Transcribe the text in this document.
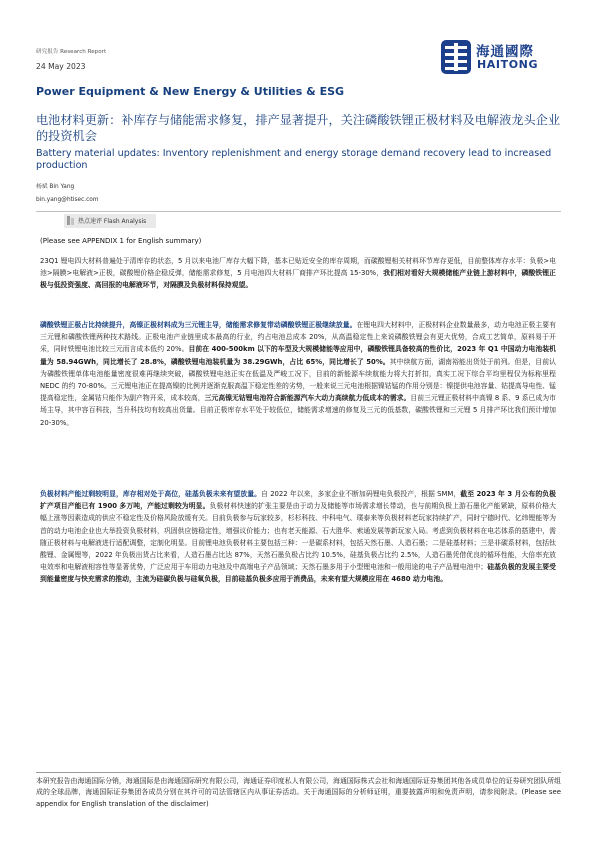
研究报告 Research Report
24 May 2023
海通國際
HAITONG
Power Equipment & New Energy & Utilities & ESG
电池材料更新：补库存与储能需求修复，排产显著提升，关注磷酸铁锂正极材料及电解液龙头企业的投资机会
Battery material updates: Inventory replenishment and energy storage demand recovery lead to increased production
杨斌 Bin Yang
bin.yang@htisec.com
热点速评 Flash Analysis
(Please see APPENDIX 1 for English summary)
23Q1 锂电四大材料普遍处于清库存的状态，5 月以来电池厂库存大幅下降，基本已贴近安全的库存周期，而碳酸锂相关材料环节库存更低，目前整体库存水平：负极>电池>隔膜>电解液>正极，碳酸锂价格企稳反弹，储能需求修复，5 月电池四大材料厂商排产环比提高 15-30%，我们相对看好大规模储能产业链上游材料中，磷酸铁锂正极与低投资强度、高回报的电解液环节，对隔膜及负极材料保持观望。
磷酸铁锂正极占比持续提升，高镍正极材料成为三元锂主导，储能需求修复带动磷酸铁锂正极继续放量。在锂电四大材料中，正极材料企业数量最多，动力电池正极主要有三元锂和磷酸铁锂两种技术路线。正极电池产业链里成本最高的行业，约占电池总成本 20%，从高温稳定性上来说磷酸铁锂会有更大优势，合成工艺简单，原料易于开采，同时铁锂电池比较三元而言成本低约 20%。目前在 400-500km 以下的车型及大规模储能等应用中，磷酸铁锂具备较高的性价比，2023 年 Q1 中国动力电池装机量为 58.94GWh，同比增长了 28.8%，磷酸铁锂电池装机量为 38.29GWh，占比 65%，同比增长了 50%。其中续航方面，湖南裕能出货处于前列。但是，目前认为磷酸铁锂单体电池能量密度很难再继续突破，磷酸铁锂电池正实在低温及严峻工况下，目前的新能源车续航能力将大打折扣，真实工况下综合平均里程仅为标称里程 NEDC 的约 70-80%。三元锂电池正在提高镍的比例并逐渐克服高温下稳定性差的劣势，一般来说三元电池根据镍钴锰的作用分别是：镍提供电池容量、钴提高导电性、锰提高稳定性，金属钴只能作为副产物开采，成本较高，三元高镍无钴锂电池符合新能源汽车大动力高续航力低成本的需求。目前三元锂正极材料中高镍 8 系、9 系已成为市场主导，其中容百科技，当升科技均有较高出货量。目前正极库存水平处于较低位，储能需求增速的修复及三元的低基数，碳酸铁锂和三元锂 5 月排产环比我们预计增加 20-30%。
负极材料产能过剩较明显，库存相对处于高位，硅基负极未来有望放量。自 2022 年以来，多家企业不断加码锂电负极投产，根据 SMM，截至 2023 年 3 月公布的负极扩产项目产能已有 1900 多万吨，产能过剩较为明显。负极材料快速的扩张主要是由于动力及储能等市场需求增长带动，也与前期负极上游石墨化产能紧缺，原料价格大幅上涨等因素造成的供应不稳定性及价格风险放缓有关。目前负极参与玩家较多，杉杉科技、中科电气、璞泰来等负极材料老玩家持续扩产，同时宁德时代、亿纬锂能等为首的动力电池企业也大举投资负极材料，巩固供应链稳定性，增强议价能力；也有老天能源、石大胜华、索通发展等新玩家入局。考虑到负极材料在电芯体系的搭建中，需随正极材料与电解液进行适配调整，定制化明显。目前锂电池负极材料主要包括三种：一是碳系材料，包括天然石墨、人造石墨；二是硅基材料；三是非碳系材料，包括钛酸锂、金属锂等，2022 年负极出货占比来看，人造石墨占比达 87%，天然石墨负极占比约 10.5%，硅基负极占比约 2.5%，人造石墨凭借优良的循环性能，大倍率充放电效率和电解液相容性等显著优势，广泛应用于车用动力电池及中高端电子产品领域；天然石墨多用于小型锂电池和一般用途的电子产品锂电池中；硅基负极的发展主要受到能量密度与快充需求的推动，主流为硅碳负极与硅氧负极，目前硅基负极多应用于消费品，未来有望大规模应用在 4680 动力电池。
本研究报告由海通国际分销，海通国际是由海通国际研究有限公司，海通证券印度私人有限公司，海通国际株式会社和海通国际证券集团其他各成员单位的证券研究团队所组成的全球品牌，海通国际证券集团各成员分别在其许可的司法管辖区内从事证券活动。关于海通国际的分析师证明，重要披露声明和免责声明，请参阅附录。(Please see appendix for English translation of the disclaimer)
